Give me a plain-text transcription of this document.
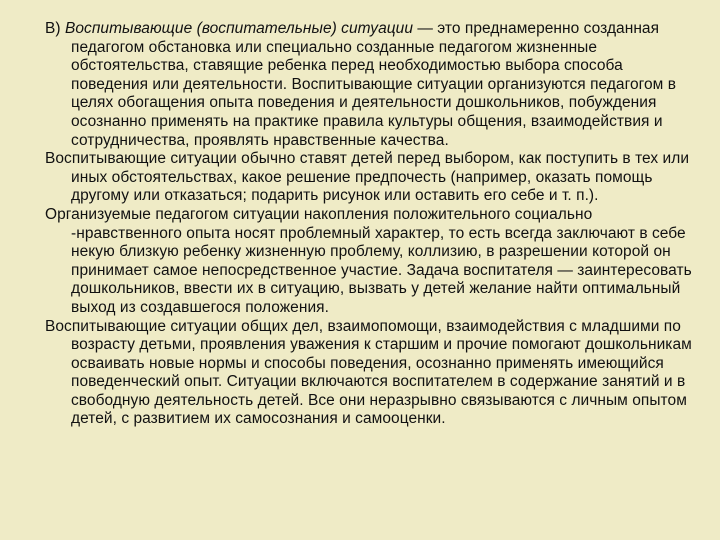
В) Воспитывающие (воспитательные) ситуации — это преднамеренно созданная педагогом обстановка или специально созданные педагогом жизненные обстоятельства, ставящие ребенка перед необходимостью выбора способа поведения или деятельности. Воспитывающие ситуации организуются педагогом в целях обогащения опыта поведения и деятельности дошкольников, побуждения осознанно применять на практике правила культуры общения, взаимодействия и сотрудничества, проявлять нравственные качества.

Воспитывающие ситуации обычно ставят детей перед выбором, как поступить в тех или иных обстоятельствах, какое решение предпочесть (например, оказать помощь другому или отказаться; подарить рисунок или оставить его себе и т. п.).

Организуемые педагогом ситуации накопления положительного социально -нравственного опыта носят проблемный характер, то есть всегда заключают в себе некую близкую ребенку жизненную проблему, коллизию, в разрешении которой он принимает самое непосредственное участие. Задача воспитателя — заинтересовать дошкольников, ввести их в ситуацию, вызвать у детей желание найти оптимальный выход из создавшегося положения.

Воспитывающие ситуации общих дел, взаимопомощи, взаимодействия с младшими по возрасту детьми, проявления уважения к старшим и прочие помогают дошкольникам осваивать новые нормы и способы поведения, осознанно применять имеющийся поведенческий опыт. Ситуации включаются воспитателем в содержание занятий и в свободную деятельность детей. Все они неразрывно связываются с личным опытом детей, с развитием их самосознания и самооценки.
